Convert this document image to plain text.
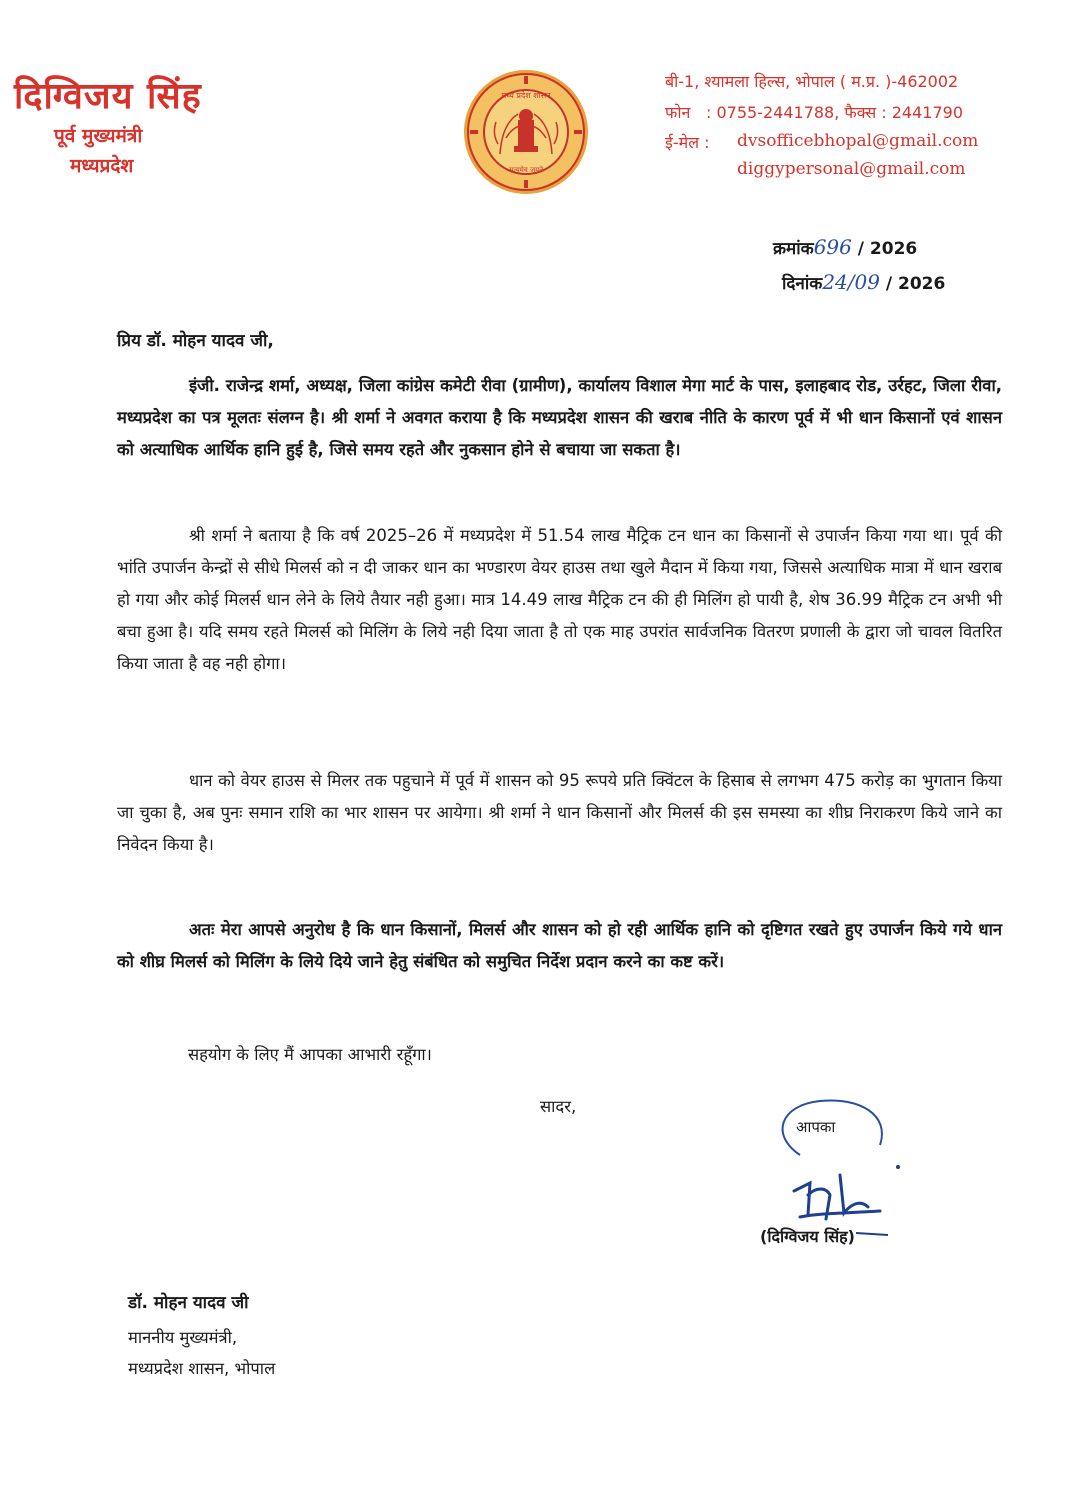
दिग्विजय सिंह
पूर्व मुख्यमंत्री
मध्यप्रदेश
मध्य प्रदेश शासन
सत्यमेव जयते
बी-1, श्यामला हिल्स, भोपाल ( म.प्र. )-462002
फोन : 0755-2441788, फैक्स : 2441790
ई-मेल : dvsofficebhopal@gmail.com
diggypersonal@gmail.com
क्रमांक696 / 2026
दिनांक24/09 / 2026
प्रिय डॉ. मोहन यादव जी,
इंजी. राजेन्द्र शर्मा, अध्यक्ष, जिला कांग्रेस कमेटी रीवा (ग्रामीण), कार्यालय विशाल मेगा मार्ट के पास, इलाहबाद रोड, उर्रहट, जिला रीवा, मध्यप्रदेश का पत्र मूलतः संलग्न है। श्री शर्मा ने अवगत कराया है कि मध्यप्रदेश शासन की खराब नीति के कारण पूर्व में भी धान किसानों एवं शासन को अत्याधिक आर्थिक हानि हुई है, जिसे समय रहते और नुकसान होने से बचाया जा सकता है।
श्री शर्मा ने बताया है कि वर्ष 2025–26 में मध्यप्रदेश में 51.54 लाख मैट्रिक टन धान का किसानों से उपार्जन किया गया था। पूर्व की भांति उपार्जन केन्द्रों से सीधे मिलर्स को न दी जाकर धान का भण्डारण वेयर हाउस तथा खुले मैदान में किया गया, जिससे अत्याधिक मात्रा में धान खराब हो गया और कोई मिलर्स धान लेने के लिये तैयार नही हुआ। मात्र 14.49 लाख मैट्रिक टन की ही मिलिंग हो पायी है, शेष 36.99 मैट्रिक टन अभी भी बचा हुआ है। यदि समय रहते मिलर्स को मिलिंग के लिये नही दिया जाता है तो एक माह उपरांत सार्वजनिक वितरण प्रणाली के द्वारा जो चावल वितरित किया जाता है वह नही होगा।
धान को वेयर हाउस से मिलर तक पहुचाने में पूर्व में शासन को 95 रूपये प्रति क्विंटल के हिसाब से लगभग 475 करोड़ का भुगतान किया जा चुका है, अब पुनः समान राशि का भार शासन पर आयेगा। श्री शर्मा ने धान किसानों और मिलर्स की इस समस्या का शीघ्र निराकरण किये जाने का निवेदन किया है।
अतः मेरा आपसे अनुरोध है कि धान किसानों, मिलर्स और शासन को हो रही आर्थिक हानि को दृष्टिगत रखते हुए उपार्जन किये गये धान को शीघ्र मिलर्स को मिलिंग के लिये दिये जाने हेतु संबंधित को समुचित निर्देश प्रदान करने का कष्ट करें।
सहयोग के लिए मैं आपका आभारी रहूँगा।
सादर,
आपका
(दिग्विजय सिंह)
डॉ. मोहन यादव जी
माननीय मुख्यमंत्री,
मध्यप्रदेश शासन, भोपाल
